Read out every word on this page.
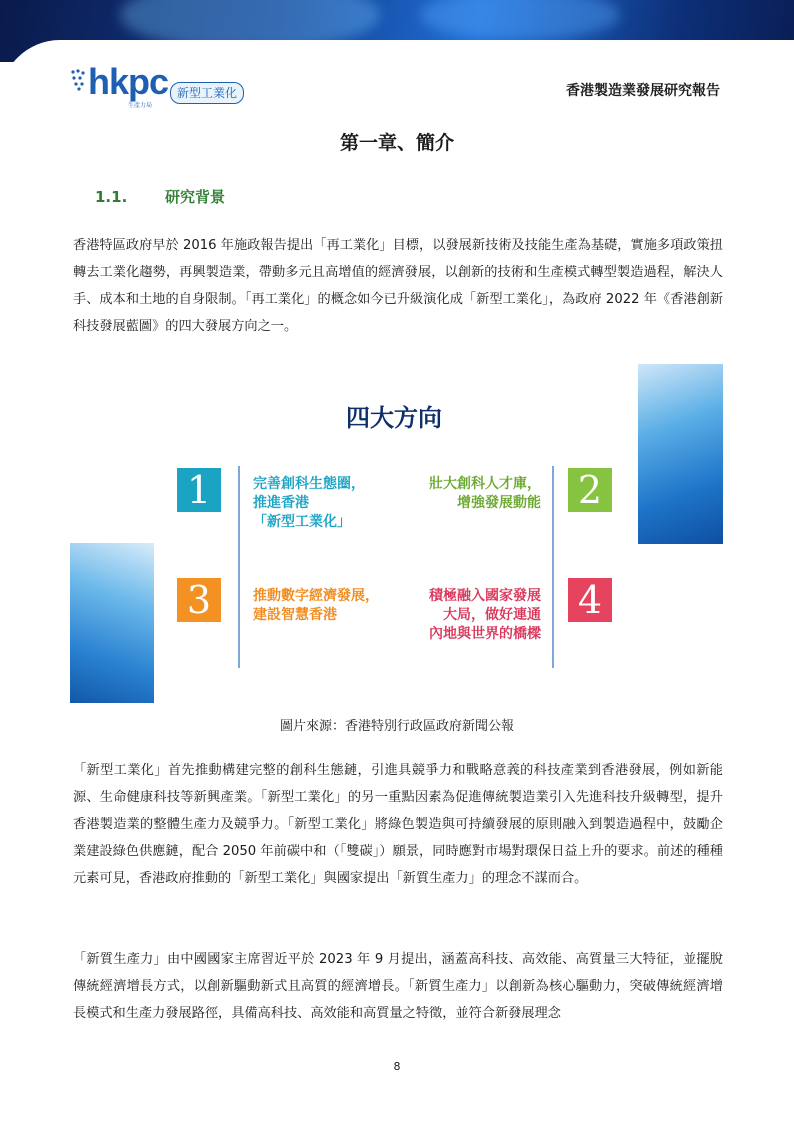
hkpc
生產力局
新型工業化	香港製造業發展研究報告
第一章、簡介
1.1.	研究背景
香港特區政府早於 2016 年施政報告提出「再工業化」目標，以發展新技術及技能生產為基礎，實施多項政策扭轉去工業化趨勢，再興製造業，帶動多元且高增值的經濟發展，以創新的技術和生產模式轉型製造過程，解決人手、成本和土地的自身限制。「再工業化」的概念如今已升級演化成「新型工業化」，為政府 2022 年《香港創新科技發展藍圖》的四大發展方向之一。
四大方向
1	2
3	4
完善創科生態圈，
推進香港
「新型工業化」
壯大創科人才庫，
增強發展動能
推動數字經濟發展，
建設智慧香港
積極融入國家發展
大局，做好連通
內地與世界的橋樑
圖片來源：香港特別行政區政府新聞公報
「新型工業化」首先推動構建完整的創科生態鏈，引進具競爭力和戰略意義的科技產業到香港發展，例如新能源、生命健康科技等新興產業。「新型工業化」的另一重點因素為促進傳統製造業引入先進科技升級轉型，提升香港製造業的整體生產力及競爭力。「新型工業化」將綠色製造與可持續發展的原則融入到製造過程中，鼓勵企業建設綠色供應鏈，配合 2050 年前碳中和（「雙碳」）願景，同時應對市場對環保日益上升的要求。前述的種種元素可見，香港政府推動的「新型工業化」與國家提出「新質生產力」的理念不謀而合。
「新質生產力」由中國國家主席習近平於 2023 年 9 月提出，涵蓋高科技、高效能、高質量三大特征，並擺脫傳統經濟增長方式，以創新驅動新式且高質的經濟增長。「新質生產力」以創新為核心驅動力，突破傳統經濟增長模式和生產力發展路徑，具備高科技、高效能和高質量之特徵，並符合新發展理念
8
